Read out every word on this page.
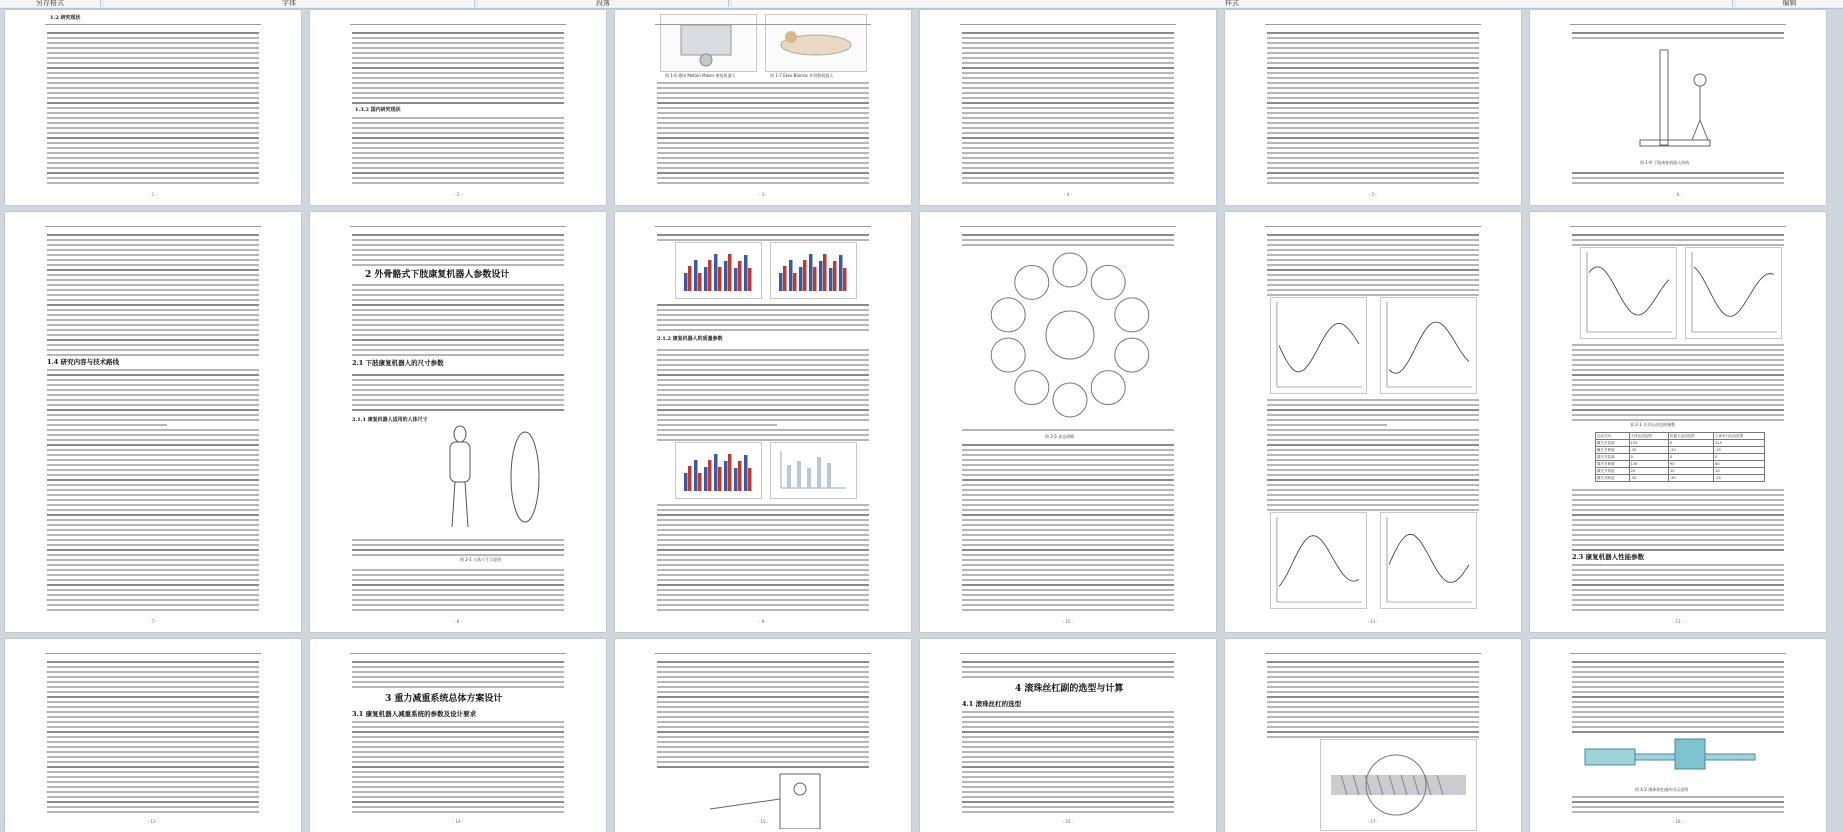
另存格式	字体	段落	样式	编辑
1.2 研究现状
- 1 -
1.3.2 国内研究现状
- 2 -
图 1-6 德国 Motion Maker 康复机器人	图 1-7 Ekso Bionics 外骨骼机器人
- 3 -	- 4 -	- 5 -
图 1-9 下肢康复机器人结构
- 6 -
1.4 研究内容与技术路线
- 7 -
2 外骨骼式下肢康复机器人参数设计
2.1 下肢康复机器人的尺寸参数
2.1.1 康复机器人适用的人体尺寸
图 2-1 人体尺寸示意图
- 8 -
2.1.2 康复机器人的质量参数
- 9 -
图 2-5 步态周期
- 10 -	- 11 -
表 2-1 关节运动范围参数
运动方向	人体运动范围	机器人运动范围	人体步行运动范围
髋关节屈曲	125	0	115
髋关节伸展	-30	-20	-15
膝关节屈曲	0	0	0
膝关节伸展	135	90	60
踝关节背屈	20	10	10
踝关节跖屈	-50	-30	-25
2.3 康复机器人性能参数
- 12 -
- 13 -
3 重力减重系统总体方案设计
3.1 康复机器人减重系统的参数及设计要求
- 14 -	- 15 -
4 滚珠丝杠副的选型与计算
4.1 滚珠丝杠的选型
- 16 -	- 17 -
图 4-2 滚珠丝杠副传动示意图
- 18 -
